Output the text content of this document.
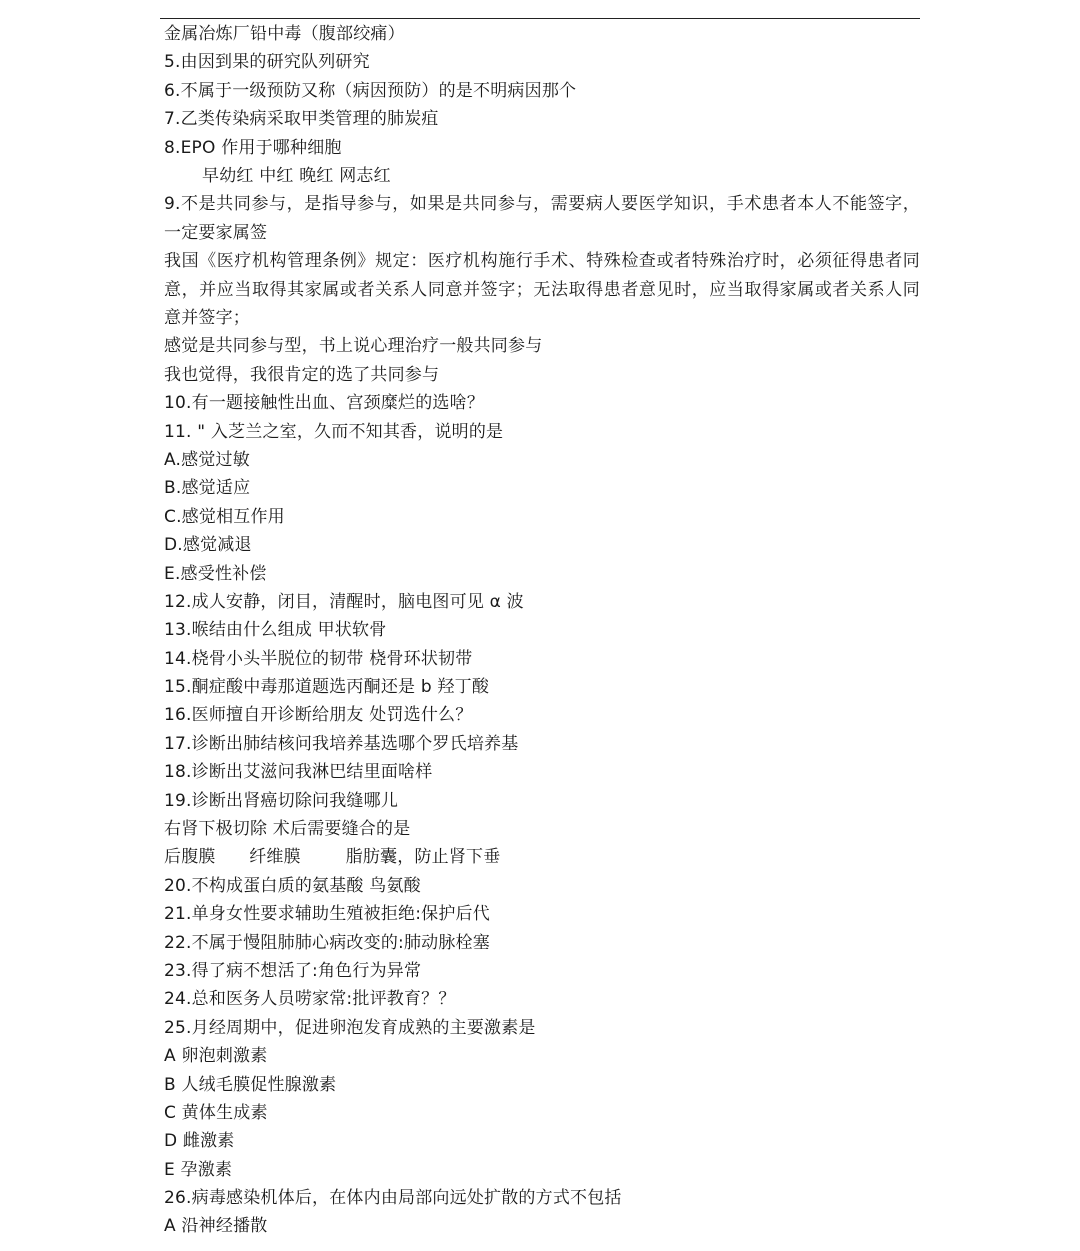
金属冶炼厂铅中毒（腹部绞痛）
5.由因到果的研究队列研究
6.不属于一级预防又称（病因预防）的是不明病因那个
7.乙类传染病采取甲类管理的肺炭疽
8.EPO 作用于哪种细胞
早幼红 中红 晚红 网志红
9.不是共同参与，是指导参与，如果是共同参与，需要病人要医学知识，手术患者本人不能签字，一定要家属签
我国《医疗机构管理条例》规定：医疗机构施行手术、特殊检查或者特殊治疗时，必须征得患者同意，并应当取得其家属或者关系人同意并签字；无法取得患者意见时，应当取得家属或者关系人同意并签字；
感觉是共同参与型，书上说心理治疗一般共同参与
我也觉得，我很肯定的选了共同参与
10.有一题接触性出血、宫颈糜烂的选啥？
11. " 入芝兰之室，久而不知其香，说明的是
A.感觉过敏
B.感觉适应
C.感觉相互作用
D.感觉减退
E.感受性补偿
12.成人安静，闭目，清醒时，脑电图可见 α 波
13.喉结由什么组成 甲状软骨
14.桡骨小头半脱位的韧带 桡骨环状韧带
15.酮症酸中毒那道题选丙酮还是 b 羟丁酸
16.医师擅自开诊断给朋友 处罚选什么？
17.诊断出肺结核问我培养基选哪个罗氏培养基
18.诊断出艾滋问我淋巴结里面啥样
19.诊断出肾癌切除问我缝哪儿
右肾下极切除 术后需要缝合的是
后腹膜      纤维膜        脂肪囊，防止肾下垂
20.不构成蛋白质的氨基酸 鸟氨酸
21.单身女性要求辅助生殖被拒绝:保护后代
22.不属于慢阻肺肺心病改变的:肺动脉栓塞
23.得了病不想活了:角色行为异常
24.总和医务人员唠家常:批评教育？？
25.月经周期中，促进卵泡发育成熟的主要激素是
A 卵泡刺激素
B 人绒毛膜促性腺激素
C 黄体生成素
D 雌激素
E 孕激素
26.病毒感染机体后，在体内由局部向远处扩散的方式不包括
A 沿神经播散
